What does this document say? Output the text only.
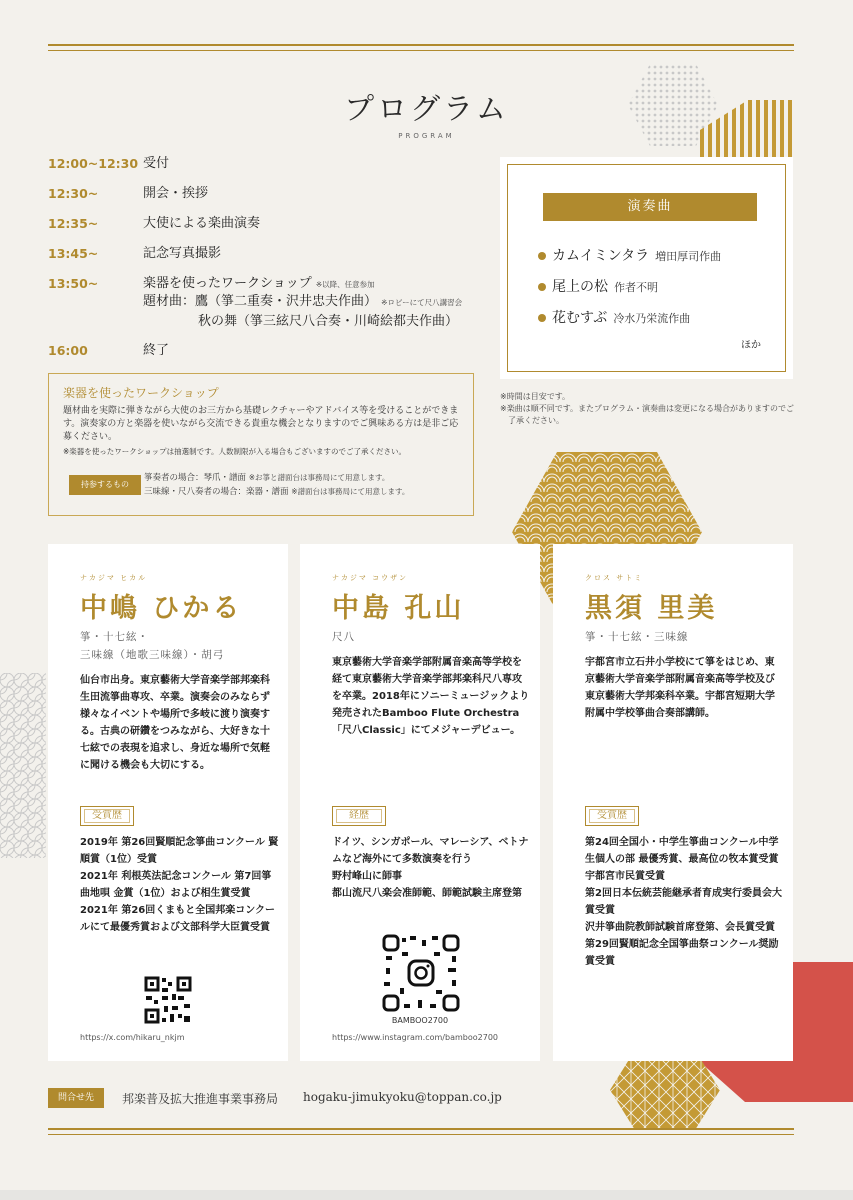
プログラム
PROGRAM
12:00~12:30 受付
12:30~	開会・挨拶
12:35~	大使による楽曲演奏
13:45~	記念写真撮影
13:50~	楽器を使ったワークショップ ※以降、任意参加
題材曲：鷹（箏二重奏・沢井忠夫作曲） ※ロビーにて尺八講習会
秋の舞（箏三絃尺八合奏・川崎絵都夫作曲）
16:00	終了
演奏曲
カムイミンタラ 増田厚司作曲
尾上の松 作者不明
花むすぶ 冷水乃栄流作曲
ほか
※時間は目安です。
※楽曲は順不同です。またプログラム・演奏曲は変更になる場合がありますのでご了承ください。
楽器を使ったワークショップ
題材曲を実際に弾きながら大使のお三方から基礎レクチャーやアドバイス等を受けることができます。演奏家の方と楽器を使いながら交流できる貴重な機会となりますのでご興味ある方は是非ご応募ください。
※楽器を使ったワークショップは抽選制です。人数制限が入る場合もございますのでご了承ください。
持参するもの
箏奏者の場合：琴爪・譜面 ※お箏と譜面台は事務局にて用意します。
三味線・尺八奏者の場合：楽器・譜面 ※譜面台は事務局にて用意します。
ナカジマ ヒカル
中嶋 ひかる
箏・十七絃・
三味線（地歌三味線）・胡弓
仙台市出身。東京藝術大学音楽学部邦楽科生田流箏曲専攻、卒業。演奏会のみならず様々なイベントや場所で多岐に渡り演奏する。古典の研鑽をつみながら、大好きな十七絃での表現を追求し、身近な場所で気軽に聞ける機会も大切にする。
受賞歴
2019年 第26回賢順記念箏曲コンクール 賢順賞（1位）受賞
2021年 利根英法記念コンクール 第7回箏曲地唄 金賞（1位）および相生賞受賞
2021年 第26回くまもと全国邦楽コンクールにて最優秀賞および文部科学大臣賞受賞
https://x.com/hikaru_nkjm
ナカジマ コウザン
中島 孔山
尺八
東京藝術大学音楽学部附属音楽高等学校を経て東京藝術大学音楽学部邦楽科尺八専攻を卒業。2018年にソニーミュージックより発売されたBamboo Flute Orchestra「尺八Classic」にてメジャーデビュー。
経歴
ドイツ、シンガポール、マレーシア、ベトナムなど海外にて多数演奏を行う
野村峰山に師事
都山流尺八楽会准師範、師範試験主席登第
BAMBOO2700
https://www.instagram.com/bamboo2700
クロス サトミ
黒須 里美
箏・十七絃・三味線
宇都宮市立石井小学校にて箏をはじめ、東京藝術大学音楽学部附属音楽高等学校及び東京藝術大学邦楽科卒業。宇都宮短期大学附属中学校箏曲合奏部講師。
受賞歴
第24回全国小・中学生箏曲コンクール中学生個人の部 最優秀賞、最高位の牧本賞受賞
宇都宮市民賞受賞
第2回日本伝統芸能継承者育成実行委員会大賞受賞
沢井箏曲院教師試験首席登第、会長賞受賞
第29回賢順記念全国箏曲祭コンクール奨励賞受賞
問合せ先	邦楽普及拡大推進事業事務局 hogaku-jimukyoku@toppan.co.jp
